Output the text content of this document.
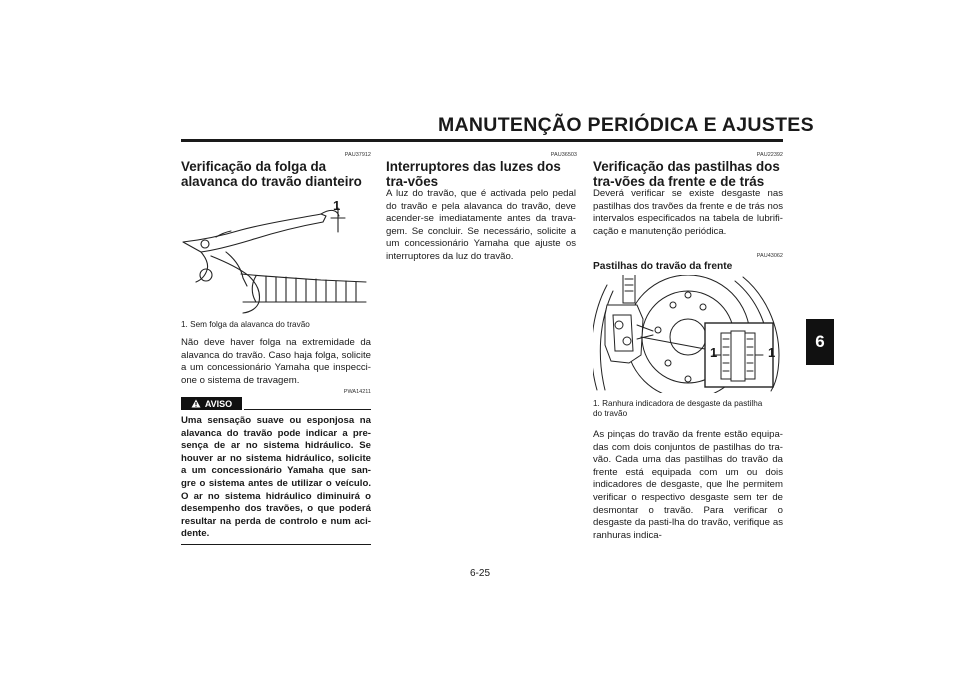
MANUTENÇÃO PERIÓDICA E AJUSTES
6
PAU37912
Verificação da folga da alavanca do travão dianteiro
1
1. Sem folga da alavanca do travão
Não deve haver folga na extremidade da alavanca do travão. Caso haja folga, solicite a um concessionário Yamaha que inspecci-one o sistema de travagem.
PWA14211
AVISO
Uma sensação suave ou esponjosa na alavanca do travão pode indicar a pre-sença de ar no sistema hidráulico. Se houver ar no sistema hidráulico, solicite a um concessionário Yamaha que san-gre o sistema antes de utilizar o veículo. O ar no sistema hidráulico diminuirá o desempenho dos travões, o que poderá resultar na perda de controlo e num aci-dente.
PAU36503
Interruptores das luzes dos tra-vões
A luz do travão, que é activada pelo pedal do travão e pela alavanca do travão, deve acender-se imediatamente antes da trava-gem. Se concluir. Se necessário, solicite a um concessionário Yamaha que ajuste os interruptores da luz do travão.
PAU22392
Verificação das pastilhas dos tra-vões da frente e de trás
Deverá verificar se existe desgaste nas pastilhas dos travões da frente e de trás nos intervalos especificados na tabela de lubrifi-cação e manutenção periódica.
PAU43062
Pastilhas do travão da frente
1	1
1. Ranhura indicadora de desgaste da pastilha do travão
As pinças do travão da frente estão equipa-das com dois conjuntos de pastilhas do tra-vão. Cada uma das pastilhas do travão da frente está equipada com um ou dois indicadores de desgaste, que lhe permitem verificar o respectivo desgaste sem ter de desmontar o travão. Para verificar o desgaste da pasti-lha do travão, verifique as ranhuras indica-
6-25
